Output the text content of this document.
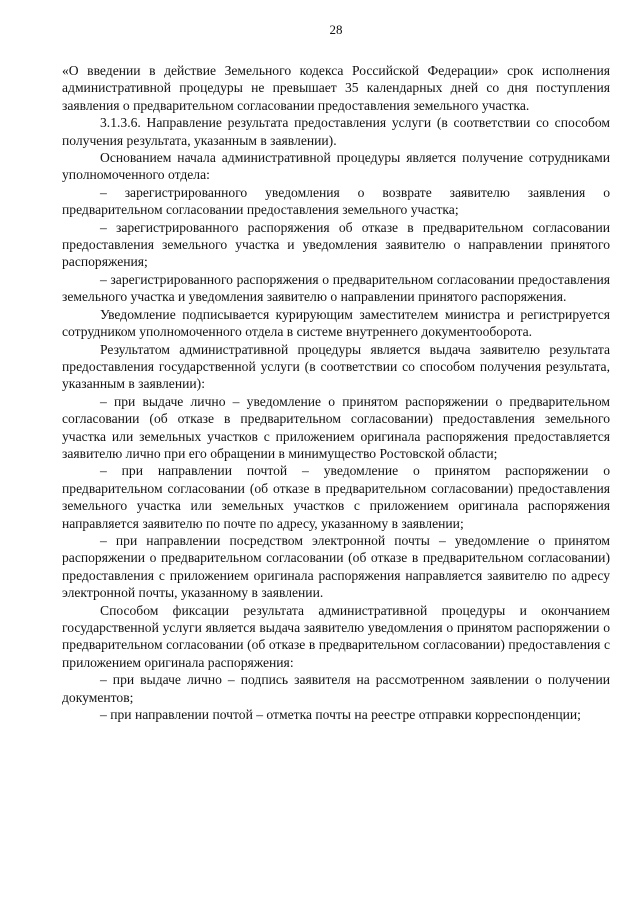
28

«О введении в действие Земельного кодекса Российской Федерации» срок исполнения административной процедуры не превышает 35 календарных дней со дня поступления заявления о предварительном согласовании предоставления земельного участка.

3.1.3.6. Направление результата предоставления услуги (в соответствии со способом получения результата, указанным в заявлении).

Основанием начала административной процедуры является получение сотрудниками уполномоченного отдела:

– зарегистрированного уведомления о возврате заявителю заявления о предварительном согласовании предоставления земельного участка;

– зарегистрированного распоряжения об отказе в предварительном согласовании предоставления земельного участка и уведомления заявителю о направлении принятого распоряжения;

– зарегистрированного распоряжения о предварительном согласовании предоставления земельного участка и уведомления заявителю о направлении принятого распоряжения.

Уведомление подписывается курирующим заместителем министра и регистрируется сотрудником уполномоченного отдела в системе внутреннего документооборота.

Результатом административной процедуры является выдача заявителю результата предоставления государственной услуги (в соответствии со способом получения результата, указанным в заявлении):

– при выдаче лично – уведомление о принятом распоряжении о предварительном согласовании (об отказе в предварительном согласовании) предоставления земельного участка или земельных участков с приложением оригинала распоряжения предоставляется заявителю лично при его обращении в минимущество Ростовской области;

– при направлении почтой – уведомление о принятом распоряжении о предварительном согласовании (об отказе в предварительном согласовании) предоставления земельного участка или земельных участков с приложением оригинала распоряжения направляется заявителю по почте по адресу, указанному в заявлении;

– при направлении посредством электронной почты – уведомление о принятом распоряжении о предварительном согласовании (об отказе в предварительном согласовании) предоставления с приложением оригинала распоряжения направляется заявителю по адресу электронной почты, указанному в заявлении.

Способом фиксации результата административной процедуры и окончанием государственной услуги является выдача заявителю уведомления о принятом распоряжении о предварительном согласовании (об отказе в предварительном согласовании) предоставления с приложением оригинала распоряжения:

– при выдаче лично – подпись заявителя на рассмотренном заявлении о получении документов;

– при направлении почтой – отметка почты на реестре отправки корреспонденции;
